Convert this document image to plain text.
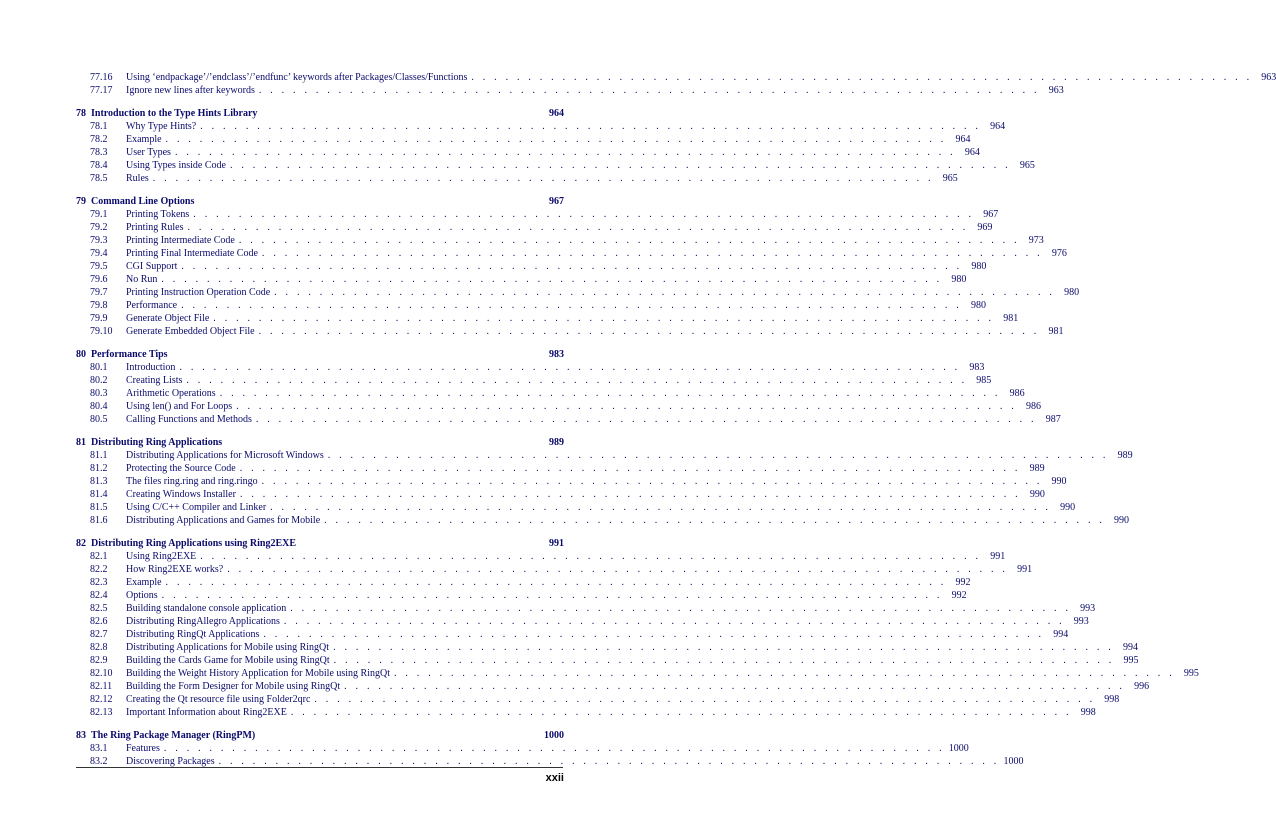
77.16	Using ‘endpackage’/’endclass’/’endfunc’ keywords after Packages/Classes/Functions . . . . . . . . . . . . . . . . . . . . . . . . . . . . . . . . . . . . . . . . . . . . . . . . . . . . . . . . . . . . . . . . . . . . . 963
77.17	Ignore new lines after keywords . . . . . . . . . . . . . . . . . . . . . . . . . . . . . . . . . . . . . . . . . . . . . . . . . . . . . . . . . . . . . . . . . . . . . 963
78 Introduction to the Type Hints Library	964
78.1	Why Type Hints? . . . . . . . . . . . . . . . . . . . . . . . . . . . . . . . . . . . . . . . . . . . . . . . . . . . . . . . . . . . . . . . . . . . . . 964
78.2	Example . . . . . . . . . . . . . . . . . . . . . . . . . . . . . . . . . . . . . . . . . . . . . . . . . . . . . . . . . . . . . . . . . . . . . 964
78.3	User Types . . . . . . . . . . . . . . . . . . . . . . . . . . . . . . . . . . . . . . . . . . . . . . . . . . . . . . . . . . . . . . . . . . . . . 964
78.4	Using Types inside Code . . . . . . . . . . . . . . . . . . . . . . . . . . . . . . . . . . . . . . . . . . . . . . . . . . . . . . . . . . . . . . . . . . . . . 965
78.5	Rules . . . . . . . . . . . . . . . . . . . . . . . . . . . . . . . . . . . . . . . . . . . . . . . . . . . . . . . . . . . . . . . . . . . . . 965
79 Command Line Options	967
79.1	Printing Tokens . . . . . . . . . . . . . . . . . . . . . . . . . . . . . . . . . . . . . . . . . . . . . . . . . . . . . . . . . . . . . . . . . . . . . 967
79.2	Printing Rules . . . . . . . . . . . . . . . . . . . . . . . . . . . . . . . . . . . . . . . . . . . . . . . . . . . . . . . . . . . . . . . . . . . . . 969
79.3	Printing Intermediate Code . . . . . . . . . . . . . . . . . . . . . . . . . . . . . . . . . . . . . . . . . . . . . . . . . . . . . . . . . . . . . . . . . . . . . 973
79.4	Printing Final Intermediate Code . . . . . . . . . . . . . . . . . . . . . . . . . . . . . . . . . . . . . . . . . . . . . . . . . . . . . . . . . . . . . . . . . . . . . 976
79.5	CGI Support . . . . . . . . . . . . . . . . . . . . . . . . . . . . . . . . . . . . . . . . . . . . . . . . . . . . . . . . . . . . . . . . . . . . . 980
79.6	No Run . . . . . . . . . . . . . . . . . . . . . . . . . . . . . . . . . . . . . . . . . . . . . . . . . . . . . . . . . . . . . . . . . . . . . 980
79.7	Printing Instruction Operation Code . . . . . . . . . . . . . . . . . . . . . . . . . . . . . . . . . . . . . . . . . . . . . . . . . . . . . . . . . . . . . . . . . . . . . 980
79.8	Performance . . . . . . . . . . . . . . . . . . . . . . . . . . . . . . . . . . . . . . . . . . . . . . . . . . . . . . . . . . . . . . . . . . . . . 980
79.9	Generate Object File . . . . . . . . . . . . . . . . . . . . . . . . . . . . . . . . . . . . . . . . . . . . . . . . . . . . . . . . . . . . . . . . . . . . . 981
79.10	Generate Embedded Object File . . . . . . . . . . . . . . . . . . . . . . . . . . . . . . . . . . . . . . . . . . . . . . . . . . . . . . . . . . . . . . . . . . . . . 981
80 Performance Tips	983
80.1	Introduction . . . . . . . . . . . . . . . . . . . . . . . . . . . . . . . . . . . . . . . . . . . . . . . . . . . . . . . . . . . . . . . . . . . . . 983
80.2	Creating Lists . . . . . . . . . . . . . . . . . . . . . . . . . . . . . . . . . . . . . . . . . . . . . . . . . . . . . . . . . . . . . . . . . . . . . 985
80.3	Arithmetic Operations . . . . . . . . . . . . . . . . . . . . . . . . . . . . . . . . . . . . . . . . . . . . . . . . . . . . . . . . . . . . . . . . . . . . . 986
80.4	Using len() and For Loops . . . . . . . . . . . . . . . . . . . . . . . . . . . . . . . . . . . . . . . . . . . . . . . . . . . . . . . . . . . . . . . . . . . . . 986
80.5	Calling Functions and Methods . . . . . . . . . . . . . . . . . . . . . . . . . . . . . . . . . . . . . . . . . . . . . . . . . . . . . . . . . . . . . . . . . . . . . 987
81 Distributing Ring Applications	989
81.1	Distributing Applications for Microsoft Windows . . . . . . . . . . . . . . . . . . . . . . . . . . . . . . . . . . . . . . . . . . . . . . . . . . . . . . . . . . . . . . . . . . . . . 989
81.2	Protecting the Source Code . . . . . . . . . . . . . . . . . . . . . . . . . . . . . . . . . . . . . . . . . . . . . . . . . . . . . . . . . . . . . . . . . . . . . 989
81.3	The files ring.ring and ring.ringo . . . . . . . . . . . . . . . . . . . . . . . . . . . . . . . . . . . . . . . . . . . . . . . . . . . . . . . . . . . . . . . . . . . . . 990
81.4	Creating Windows Installer . . . . . . . . . . . . . . . . . . . . . . . . . . . . . . . . . . . . . . . . . . . . . . . . . . . . . . . . . . . . . . . . . . . . . 990
81.5	Using C/C++ Compiler and Linker . . . . . . . . . . . . . . . . . . . . . . . . . . . . . . . . . . . . . . . . . . . . . . . . . . . . . . . . . . . . . . . . . . . . . 990
81.6	Distributing Applications and Games for Mobile . . . . . . . . . . . . . . . . . . . . . . . . . . . . . . . . . . . . . . . . . . . . . . . . . . . . . . . . . . . . . . . . . . . . . 990
82 Distributing Ring Applications using Ring2EXE	991
82.1	Using Ring2EXE . . . . . . . . . . . . . . . . . . . . . . . . . . . . . . . . . . . . . . . . . . . . . . . . . . . . . . . . . . . . . . . . . . . . . 991
82.2	How Ring2EXE works? . . . . . . . . . . . . . . . . . . . . . . . . . . . . . . . . . . . . . . . . . . . . . . . . . . . . . . . . . . . . . . . . . . . . . 991
82.3	Example . . . . . . . . . . . . . . . . . . . . . . . . . . . . . . . . . . . . . . . . . . . . . . . . . . . . . . . . . . . . . . . . . . . . . 992
82.4	Options . . . . . . . . . . . . . . . . . . . . . . . . . . . . . . . . . . . . . . . . . . . . . . . . . . . . . . . . . . . . . . . . . . . . . 992
82.5	Building standalone console application . . . . . . . . . . . . . . . . . . . . . . . . . . . . . . . . . . . . . . . . . . . . . . . . . . . . . . . . . . . . . . . . . . . . . 993
82.6	Distributing RingAllegro Applications . . . . . . . . . . . . . . . . . . . . . . . . . . . . . . . . . . . . . . . . . . . . . . . . . . . . . . . . . . . . . . . . . . . . . 993
82.7	Distributing RingQt Applications . . . . . . . . . . . . . . . . . . . . . . . . . . . . . . . . . . . . . . . . . . . . . . . . . . . . . . . . . . . . . . . . . . . . . 994
82.8	Distributing Applications for Mobile using RingQt . . . . . . . . . . . . . . . . . . . . . . . . . . . . . . . . . . . . . . . . . . . . . . . . . . . . . . . . . . . . . . . . . . . . . 994
82.9	Building the Cards Game for Mobile using RingQt . . . . . . . . . . . . . . . . . . . . . . . . . . . . . . . . . . . . . . . . . . . . . . . . . . . . . . . . . . . . . . . . . . . . . 995
82.10	Building the Weight History Application for Mobile using RingQt . . . . . . . . . . . . . . . . . . . . . . . . . . . . . . . . . . . . . . . . . . . . . . . . . . . . . . . . . . . . . . . . . . . . . 995
82.11	Building the Form Designer for Mobile using RingQt . . . . . . . . . . . . . . . . . . . . . . . . . . . . . . . . . . . . . . . . . . . . . . . . . . . . . . . . . . . . . . . . . . . . . 996
82.12	Creating the Qt resource file using Folder2qrc . . . . . . . . . . . . . . . . . . . . . . . . . . . . . . . . . . . . . . . . . . . . . . . . . . . . . . . . . . . . . . . . . . . . . 998
82.13	Important Information about Ring2EXE . . . . . . . . . . . . . . . . . . . . . . . . . . . . . . . . . . . . . . . . . . . . . . . . . . . . . . . . . . . . . . . . . . . . . 998
83 The Ring Package Manager (RingPM)	1000
83.1	Features . . . . . . . . . . . . . . . . . . . . . . . . . . . . . . . . . . . . . . . . . . . . . . . . . . . . . . . . . . . . . . . . . . . . . 1000
83.2	Discovering Packages . . . . . . . . . . . . . . . . . . . . . . . . . . . . . . . . . . . . . . . . . . . . . . . . . . . . . . . . . . . . . . . . . . . . . 1000
xxii
